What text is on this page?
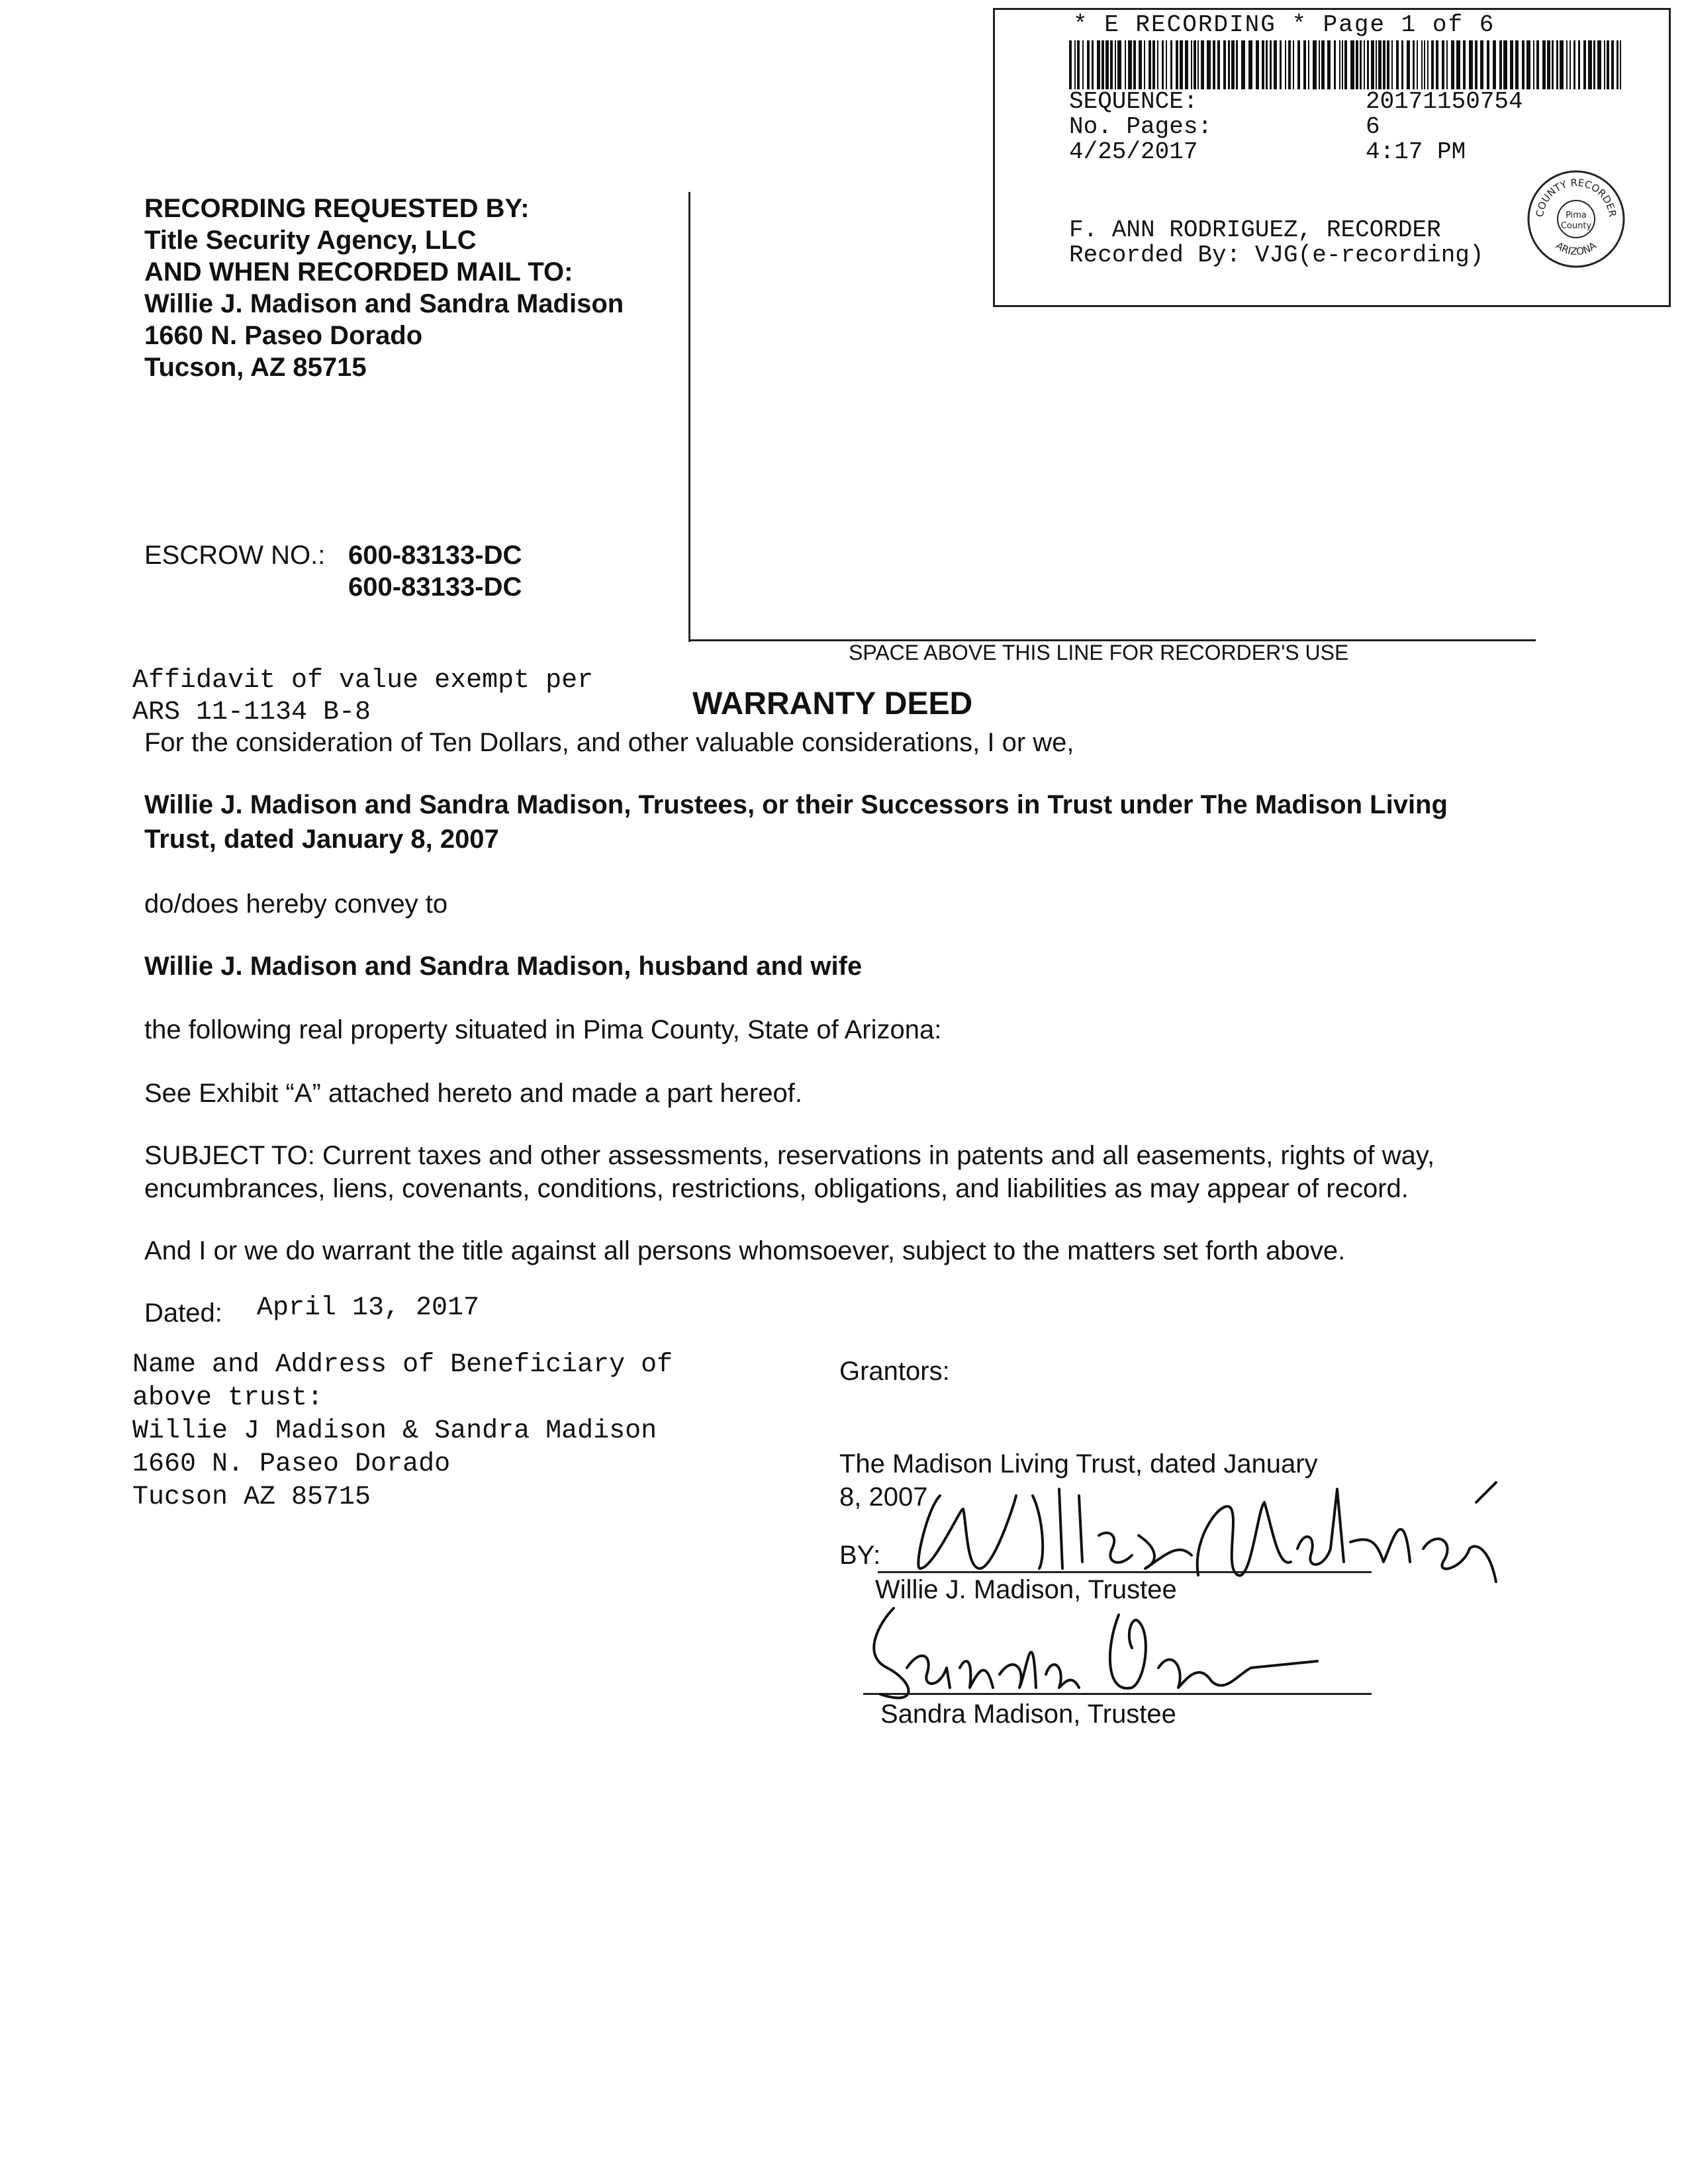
* E RECORDING * Page 1 of 6
SEQUENCE:	20171150754
No. Pages:	6
4/25/2017	4:17 PM
F. ANN RODRIGUEZ, RECORDER
Recorded By: VJG(e-recording)
COUNTY RECORDER
ARIZONA
Pima
County
RECORDING REQUESTED BY:
Title Security Agency, LLC
AND WHEN RECORDED MAIL TO:
Willie J. Madison and Sandra Madison
1660 N. Paseo Dorado
Tucson, AZ 85715
ESCROW NO.: 600-83133-DC
600-83133-DC
SPACE ABOVE THIS LINE FOR RECORDER'S USE
Affidavit of value exempt per
ARS 11-1134 B-8	WARRANTY DEED
For the consideration of Ten Dollars, and other valuable considerations, I or we,
Willie J. Madison and Sandra Madison, Trustees, or their Successors in Trust under The Madison Living
Trust, dated January 8, 2007
do/does hereby convey to
Willie J. Madison and Sandra Madison, husband and wife
the following real property situated in Pima County, State of Arizona:
See Exhibit “A” attached hereto and made a part hereof.
SUBJECT TO: Current taxes and other assessments, reservations in patents and all easements, rights of way,
encumbrances, liens, covenants, conditions, restrictions, obligations, and liabilities as may appear of record.
And I or we do warrant the title against all persons whomsoever, subject to the matters set forth above.
Dated: April 13, 2017
Name and Address of Beneficiary of
above trust:
Willie J Madison & Sandra Madison
1660 N. Paseo Dorado
Tucson AZ 85715
Grantors:
The Madison Living Trust, dated January
8, 2007
BY:
Willie J. Madison, Trustee
Sandra Madison, Trustee
